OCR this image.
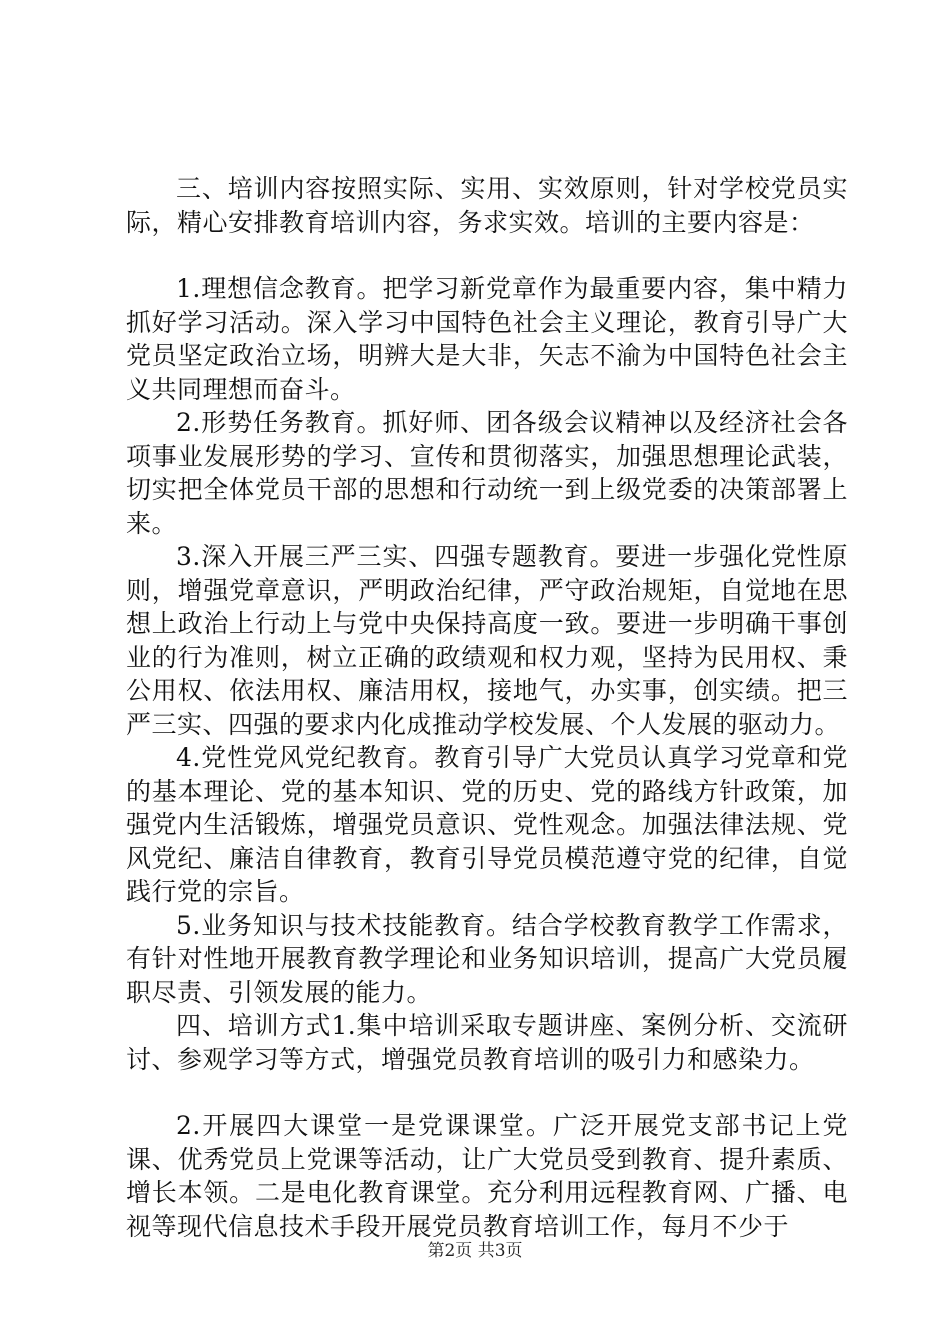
三、培训内容按照实际、实用、实效原则，针对学校党员实际，精心安排教育培训内容，务求实效。培训的主要内容是：

1.理想信念教育。把学习新党章作为最重要内容，集中精力抓好学习活动。深入学习中国特色社会主义理论，教育引导广大党员坚定政治立场，明辨大是大非，矢志不渝为中国特色社会主义共同理想而奋斗。

2.形势任务教育。抓好师、团各级会议精神以及经济社会各项事业发展形势的学习、宣传和贯彻落实，加强思想理论武装，切实把全体党员干部的思想和行动统一到上级党委的决策部署上来。

3.深入开展三严三实、四强专题教育。要进一步强化党性原则，增强党章意识，严明政治纪律，严守政治规矩，自觉地在思想上政治上行动上与党中央保持高度一致。要进一步明确干事创业的行为准则，树立正确的政绩观和权力观，坚持为民用权、秉公用权、依法用权、廉洁用权，接地气，办实事，创实绩。把三严三实、四强的要求内化成推动学校发展、个人发展的驱动力。

4.党性党风党纪教育。教育引导广大党员认真学习党章和党的基本理论、党的基本知识、党的历史、党的路线方针政策，加强党内生活锻炼，增强党员意识、党性观念。加强法律法规、党风党纪、廉洁自律教育，教育引导党员模范遵守党的纪律，自觉践行党的宗旨。

5.业务知识与技术技能教育。结合学校教育教学工作需求，有针对性地开展教育教学理论和业务知识培训，提高广大党员履职尽责、引领发展的能力。

四、培训方式1.集中培训采取专题讲座、案例分析、交流研讨、参观学习等方式，增强党员教育培训的吸引力和感染力。

2.开展四大课堂一是党课课堂。广泛开展党支部书记上党课、优秀党员上党课等活动，让广大党员受到教育、提升素质、增长本领。二是电化教育课堂。充分利用远程教育网、广播、电视等现代信息技术手段开展党员教育培训工作，每月不少于

第2页 共3页
